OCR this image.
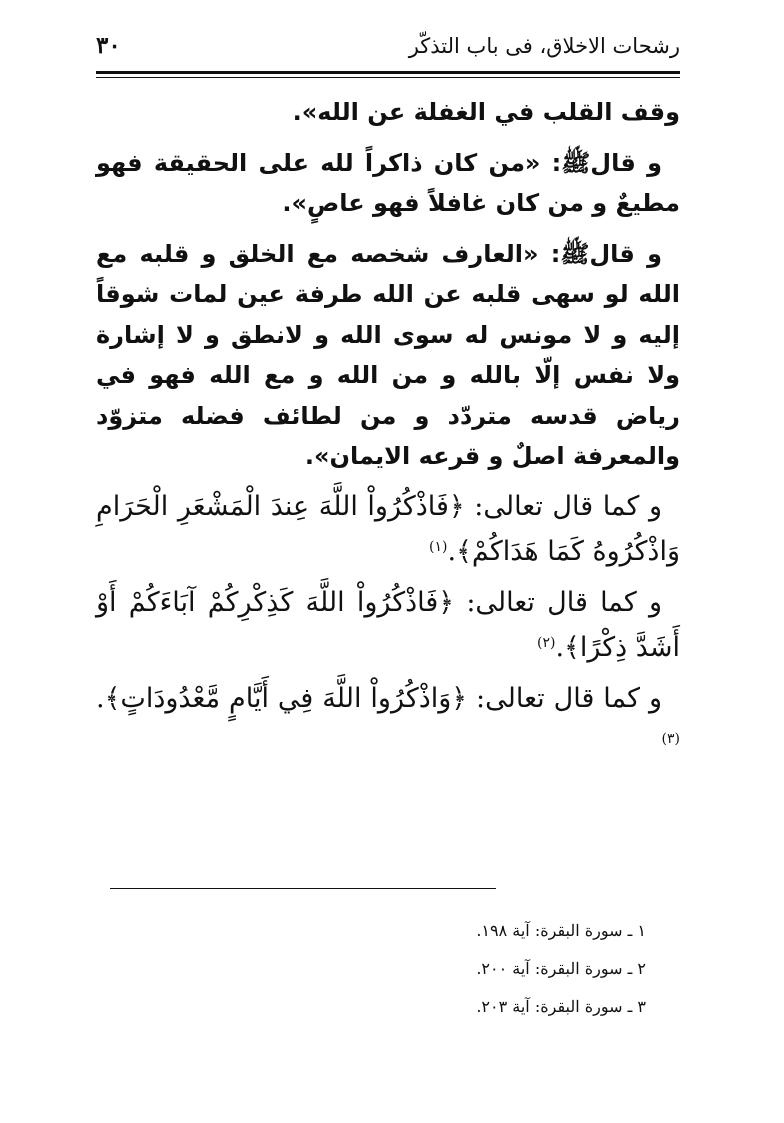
رشحات الاخلاق، فی باب التذکّر
۳۰

وقف القلب في الغفلة عن الله».

و قالﷺ: «من کان ذاکراً لله على الحقيقة فهو مطيعٌ و من کان غافلاً فهو عاصٍ».

و قالﷺ: «العارف شخصه مع الخلق و قلبه مع الله لو سهی قلبه عن الله طرفة عين لمات شوقاً إليه و لا مونس له سوی الله و لانطق و لا إشارة ولا نفس إلّا بالله و من الله و مع الله فهو في رياض قدسه متردّد و من لطائف فضله متزوّد والمعرفة اصلٌ و قرعه الايمان».

و کما قال تعالی: ﴿فَاذْكُرُواْ اللَّهَ عِندَ الْمَشْعَرِ الْحَرَامِ وَاذْكُرُوهُ كَمَا هَدَاكُمْ﴾.$^{(۱)}$

و کما قال تعالی: ﴿فَاذْكُرُواْ اللَّهَ كَذِكْرِكُمْ آبَاءَكُمْ أَوْ أَشَدَّ ذِكْرًا﴾.$^{(۲)}$

و کما قال تعالی: ﴿وَاذْكُرُواْ اللَّهَ فِي أَيَّامٍ مَّعْدُودَاتٍ﴾.$^{(۳)}$

۱ ـ سورة البقرة: آية ۱۹۸.
۲ ـ سورة البقرة: آية ۲۰۰.
۳ ـ سورة البقرة: آية ۲۰۳.
